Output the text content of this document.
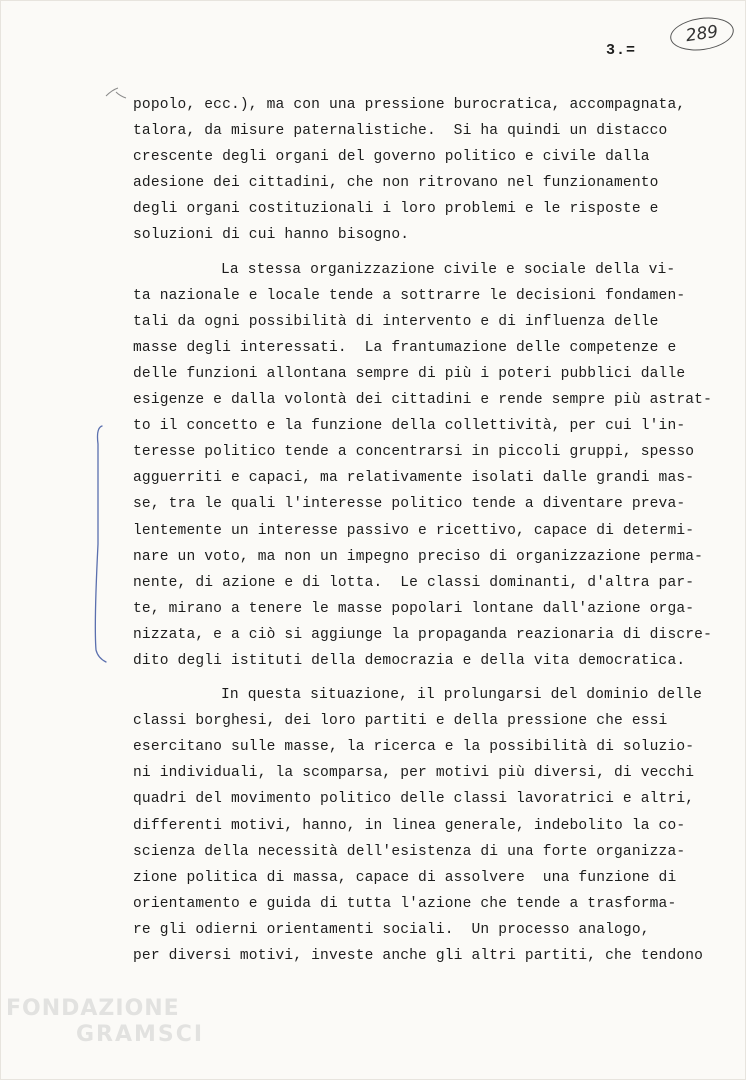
3.=
289
popolo, ecc.), ma con una pressione burocratica, accompagnata,
talora, da misure paternalistiche.  Si ha quindi un distacco
crescente degli organi del governo politico e civile dalla
adesione dei cittadini, che non ritrovano nel funzionamento
degli organi costituzionali i loro problemi e le risposte e
soluzioni di cui hanno bisogno.
La stessa organizzazione civile e sociale della vi-
ta nazionale e locale tende a sottrarre le decisioni fondamen-
tali da ogni possibilità di intervento e di influenza delle
masse degli interessati.  La frantumazione delle competenze e
delle funzioni allontana sempre di più i poteri pubblici dalle
esigenze e dalla volontà dei cittadini e rende sempre più astrat-
to il concetto e la funzione della collettività, per cui l'in-
teresse politico tende a concentrarsi in piccoli gruppi, spesso
agguerriti e capaci, ma relativamente isolati dalle grandi mas-
se, tra le quali l'interesse politico tende a diventare preva-
lentemente un interesse passivo e ricettivo, capace di determi-
nare un voto, ma non un impegno preciso di organizzazione perma-
nente, di azione e di lotta.  Le classi dominanti, d'altra par-
te, mirano a tenere le masse popolari lontane dall'azione orga-
nizzata, e a ciò si aggiunge la propaganda reazionaria di discre-
dito degli istituti della democrazia e della vita democratica.
In questa situazione, il prolungarsi del dominio delle
classi borghesi, dei loro partiti e della pressione che essi
esercitano sulle masse, la ricerca e la possibilità di soluzio-
ni individuali, la scomparsa, per motivi più diversi, di vecchi
quadri del movimento politico delle classi lavoratrici e altri,
differenti motivi, hanno, in linea generale, indebolito la co-
scienza della necessità dell'esistenza di una forte organizza-
zione politica di massa, capace di assolvere  una funzione di
orientamento e guida di tutta l'azione che tende a trasforma-
re gli odierni orientamenti sociali.  Un processo analogo,
per diversi motivi, investe anche gli altri partiti, che tendono
FONDAZIONE
GRAMSCI
